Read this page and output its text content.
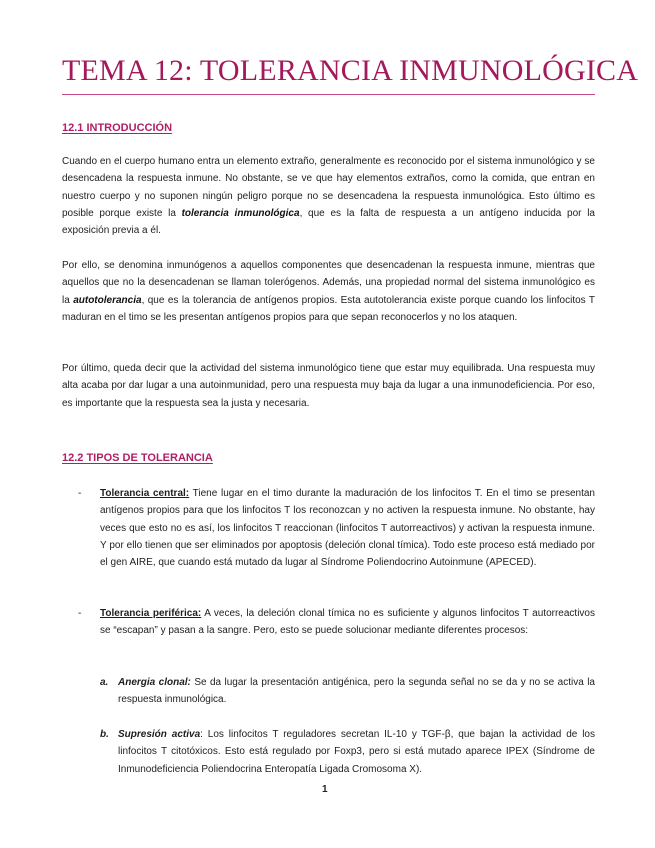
TEMA 12: TOLERANCIA INMUNOLÓGICA
12.1 INTRODUCCIÓN

Cuando en el cuerpo humano entra un elemento extraño, generalmente es reconocido por el sistema inmunológico y se desencadena la respuesta inmune. No obstante, se ve que hay elementos extraños, como la comida, que entran en nuestro cuerpo y no suponen ningún peligro porque no se desencadena la respuesta inmunológica. Esto último es posible porque existe la tolerancia inmunológica, que es la falta de respuesta a un antígeno inducida por la exposición previa a él.

Por ello, se denomina inmunógenos a aquellos componentes que desencadenan la respuesta inmune, mientras que aquellos que no la desencadenan se llaman tolerógenos. Además, una propiedad normal del sistema inmunológico es la autotolerancia, que es la tolerancia de antígenos propios. Esta autotolerancia existe porque cuando los linfocitos T maduran en el timo se les presentan antígenos propios para que sepan reconocerlos y no los ataquen.

Por último, queda decir que la actividad del sistema inmunológico tiene que estar muy equilibrada. Una respuesta muy alta acaba por dar lugar a una autoinmunidad, pero una respuesta muy baja da lugar a una inmunodeficiencia. Por eso, es importante que la respuesta sea la justa y necesaria.

12.2 TIPOS DE TOLERANCIA
- Tolerancia central: Tiene lugar en el timo durante la maduración de los linfocitos T. En el timo se presentan antígenos propios para que los linfocitos T los reconozcan y no activen la respuesta inmune. No obstante, hay veces que esto no es así, los linfocitos T reaccionan (linfocitos T autorreactivos) y activan la respuesta inmune. Y por ello tienen que ser eliminados por apoptosis (deleción clonal tímica). Todo este proceso está mediado por el gen AIRE, que cuando está mutado da lugar al Síndrome Poliendocrino Autoinmune (APECED).

- Tolerancia periférica: A veces, la deleción clonal tímica no es suficiente y algunos linfocitos T autorreactivos se “escapan” y pasan a la sangre. Pero, esto se puede solucionar mediante diferentes procesos:

a. Anergia clonal: Se da lugar la presentación antigénica, pero la segunda señal no se da y no se activa la respuesta inmunológica.

b. Supresión activa: Los linfocitos T reguladores secretan IL-10 y TGF-β, que bajan la actividad de los linfocitos T citotóxicos. Esto está regulado por Foxp3, pero si está mutado aparece IPEX (Síndrome de Inmunodeficiencia Poliendocrina Enteropatía Ligada Cromosoma X).

1
